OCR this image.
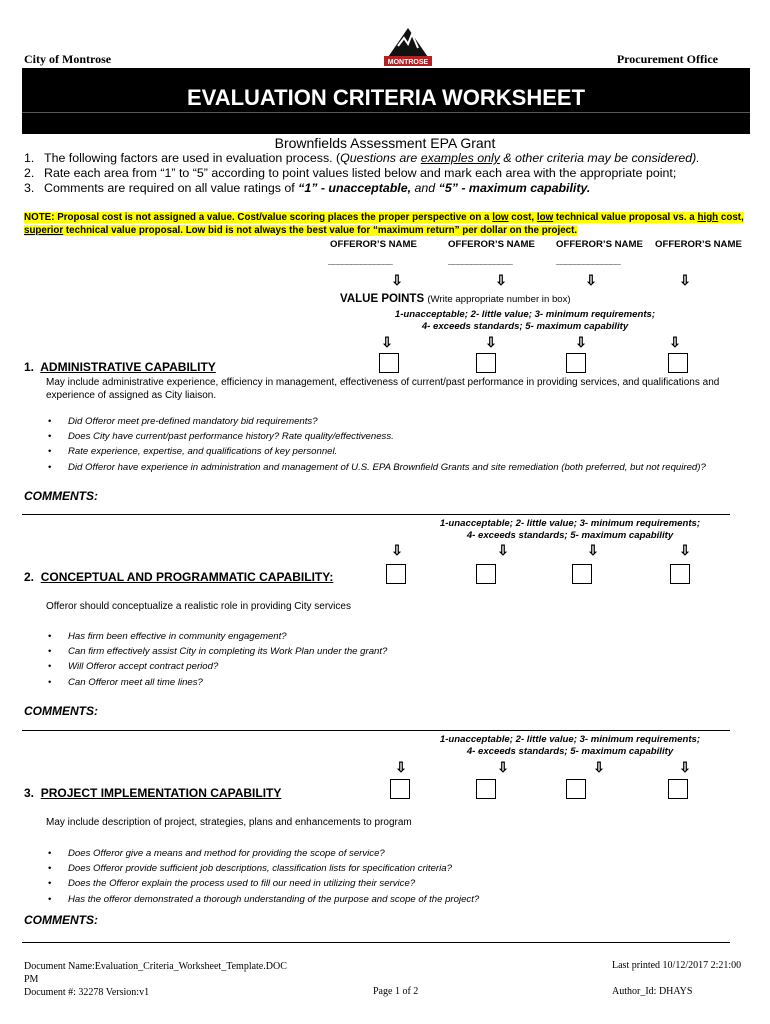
City of Montrose	Procurement Office
MONTROSE
EVALUATION CRITERIA WORKSHEET
Brownfields Assessment EPA Grant
1. The following factors are used in evaluation process. (Questions are examples only & other criteria may be considered).
2. Rate each area from “1” to “5” according to point values listed below and mark each area with the appropriate point;
3. Comments are required on all value ratings of “1” - unacceptable, and “5” - maximum capability.
NOTE: Proposal cost is not assigned a value. Cost/value scoring places the proper perspective on a low cost, low technical value proposal vs. a high cost, superior technical value proposal. Low bid is not always the best value for “maximum return” per dollar on the project.
OFFEROR’S NAME	OFFEROR’S NAME OFFEROR’S NAME OFFEROR’S NAME
______________	______________	______________
⇩	⇩	⇩	⇩
VALUE POINTS (Write appropriate number in box)
1-unacceptable; 2- little value; 3- minimum requirements;
4- exceeds standards; 5- maximum capability
⇩	⇩	⇩	⇩
1. ADMINISTRATIVE CAPABILITY
May include administrative experience, efficiency in management, effectiveness of current/past performance in providing services, and qualifications and experience of assigned as City liaison.
• Did Offeror meet pre-defined mandatory bid requirements?
• Does City have current/past performance history? Rate quality/effectiveness.
• Rate experience, expertise, and qualifications of key personnel.
• Did Offeror have experience in administration and management of U.S. EPA Brownfield Grants and site remediation (both preferred, but not required)?
COMMENTS:
1-unacceptable; 2- little value; 3- minimum requirements;
4- exceeds standards; 5- maximum capability
⇩	⇩	⇩	⇩
2. CONCEPTUAL AND PROGRAMMATIC CAPABILITY:
Offeror should conceptualize a realistic role in providing City services
• Has firm been effective in community engagement?
• Can firm effectively assist City in completing its Work Plan under the grant?
• Will Offeror accept contract period?
• Can Offeror meet all time lines?
COMMENTS:
1-unacceptable; 2- little value; 3- minimum requirements;
4- exceeds standards; 5- maximum capability
⇩	⇩	⇩	⇩
3. PROJECT IMPLEMENTATION CAPABILITY
May include description of project, strategies, plans and enhancements to program
• Does Offeror give a means and method for providing the scope of service?
• Does Offeror provide sufficient job descriptions, classification lists for specification criteria?
• Does the Offeror explain the process used to fill our need in utilizing their service?
• Has the offeror demonstrated a thorough understanding of the purpose and scope of the project?
COMMENTS:
Document Name:Evaluation_Criteria_Worksheet_Template.DOC
PM
Document #: 32278 Version:v1	Page 1 of 2
Last printed 10/12/2017 2:21:00
Author_Id: DHAYS
